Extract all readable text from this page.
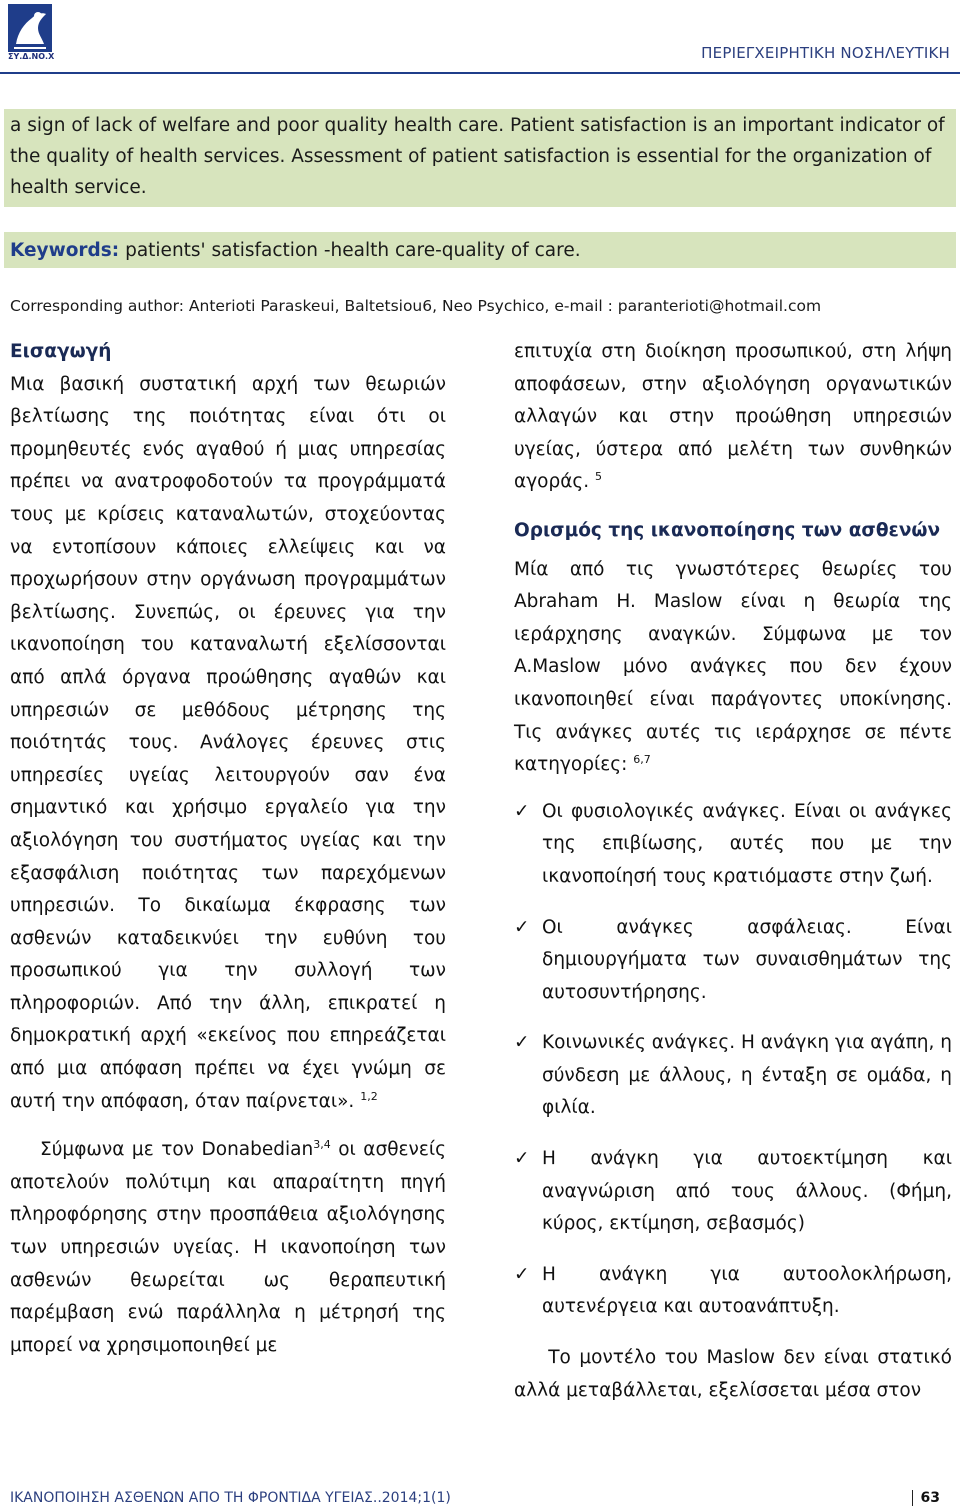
ΣΥ.Δ.ΝΟ.Χ	ΠΕΡΙΕΓΧΕΙΡΗΤΙΚΗ ΝΟΣΗΛΕΥΤΙΚΗ
a sign of lack of welfare and poor quality health care. Patient satisfaction is an important indicator of the quality of health services. Assessment of patient satisfaction is essential for the organization of health service.
Keywords: patients' satisfaction -health care-quality of care.
Corresponding author: Anterioti Paraskeui, Baltetsiou6, Neo Psychico, e-mail : paranterioti@hotmail.com

Εισαγωγή

Μια βασική συστατική αρχή των θεωριών βελτίωσης της ποιότητας είναι ότι οι προμηθευτές ενός αγαθού ή μιας υπηρεσίας πρέπει να ανατροφοδοτούν τα προγράμματά τους με κρίσεις καταναλωτών, στοχεύοντας να εντοπίσουν κάποιες ελλείψεις και να προχωρήσουν στην οργάνωση προγραμμάτων βελτίωσης. Συνεπώς, οι έρευνες για την ικανοποίηση του καταναλωτή εξελίσσονται από απλά όργανα προώθησης αγαθών και υπηρεσιών σε μεθόδους μέτρησης της ποιότητάς τους. Ανάλογες έρευνες στις υπηρεσίες υγείας λειτουργούν σαν ένα σημαντικό και χρήσιμο εργαλείο για την αξιολόγηση του συστήματος υγείας και την εξασφάλιση ποιότητας των παρεχόμενων υπηρεσιών. Το δικαίωμα έκφρασης των ασθενών καταδεικνύει την ευθύνη του προσωπικού για την συλλογή των πληροφοριών. Από την άλλη, επικρατεί η δημοκρατική αρχή «εκείνος που επηρεάζεται από μια απόφαση πρέπει να έχει γνώμη σε αυτή την απόφαση, όταν παίρνεται». $^{1,2}$

Σύμφωνα με τον Donabedian$^{3,4}$ οι ασθενείς αποτελούν πολύτιμη και απαραίτητη πηγή πληροφόρησης στην προσπάθεια αξιολόγησης των υπηρεσιών υγείας. Η ικανοποίηση των ασθενών θεωρείται ως θεραπευτική παρέμβαση ενώ παράλληλα η μέτρησή της μπορεί να χρησιμοποιηθεί με

επιτυχία στη διοίκηση προσωπικού, στη λήψη αποφάσεων, στην αξιολόγηση οργανωτικών αλλαγών και στην προώθηση υπηρεσιών υγείας, ύστερα από μελέτη των συνθηκών αγοράς. $^5$

Ορισμός της ικανοποίησης των ασθενών

Μία από τις γνωστότερες θεωρίες του Abraham H. Maslow είναι η θεωρία της ιεράρχησης αναγκών. Σύμφωνα με τον A.Maslow μόνο ανάγκες που δεν έχουν ικανοποιηθεί είναι παράγοντες υποκίνησης. Τις ανάγκες αυτές τις ιεράρχησε σε πέντε κατηγορίες: $^{6,7}$

✓ Οι φυσιολογικές ανάγκες. Είναι οι ανάγκες της επιβίωσης, αυτές που με την ικανοποίησή τους κρατιόμαστε στην ζωή.
✓ Οι ανάγκες ασφάλειας. Είναι δημιουργήματα των συναισθημάτων της αυτοσυντήρησης.
✓ Κοινωνικές ανάγκες. Η ανάγκη για αγάπη, η σύνδεση με άλλους, η ένταξη σε ομάδα, η φιλία.
✓ Η ανάγκη για αυτοεκτίμηση και αναγνώριση από τους άλλους. (Φήμη, κύρος, εκτίμηση, σεβασμός)
✓ Η ανάγκη για αυτοολοκλήρωση, αυτενέργεια και αυτοανάπτυξη.

Το μοντέλο του Maslow δεν είναι στατικό αλλά μεταβάλλεται, εξελίσσεται μέσα στον

ΙΚΑΝΟΠΟΙΗΣΗ ΑΣΘΕΝΩΝ ΑΠΟ ΤΗ ΦΡΟΝΤΙΔΑ ΥΓΕΙΑΣ..2014;1(1)	63
